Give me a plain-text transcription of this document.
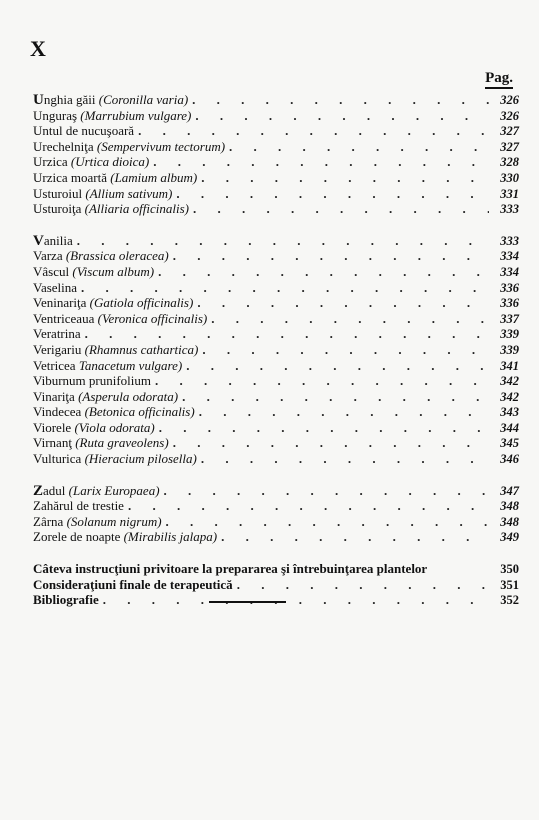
X
Pag.
Unghia găii (Coronilla varia) . . .	326
Unguraş (Marrubium vulgare) . . .	326
Untul de nucuşoară . . .	327
Urechelniţa (Sempervivum tectorum) . . .	327
Urzica (Urtica dioica) . . .	328
Urzica moartă (Lamium album) . . .	330
Usturoiul (Allium sativum) . . .	331
Usturoiţa (Alliaria officinalis) . . .	333
Vanilia . . .	333
Varza (Brassica oleracea) . . .	334
Vâscul (Viscum album) . . .	334
Vaselina . . .	336
Veninariţa (Gatiola officinalis) . . .	336
Ventriceaua (Veronica officinalis) . . .	337
Veratrina . . .	339
Verigariu (Rhamnus cathartica) . . .	339
Vetricea Tanacetum vulgare) . . .	341
Viburnum prunifolium . . .	342
Vinariţa (Asperula odorata) . . .	342
Vindecea (Betonica officinalis) . . .	343
Viorele (Viola odorata) . . .	344
Virnanţ (Ruta graveolens) . . .	345
Vulturica (Hieracium pilosella) . . .	346
Zadul (Larix Europaea) . . .	347
Zahărul de trestie . . .	348
Zârna (Solanum nigrum) . . .	348
Zorele de noapte (Mirabilis jalapa) . . .	349
Câteva instrucţiuni privitoare la prepararea şi întrebuinţarea plantelor	350
Consideraţiuni finale de terapeutică . . .	351
Bibliografie . . .	352
